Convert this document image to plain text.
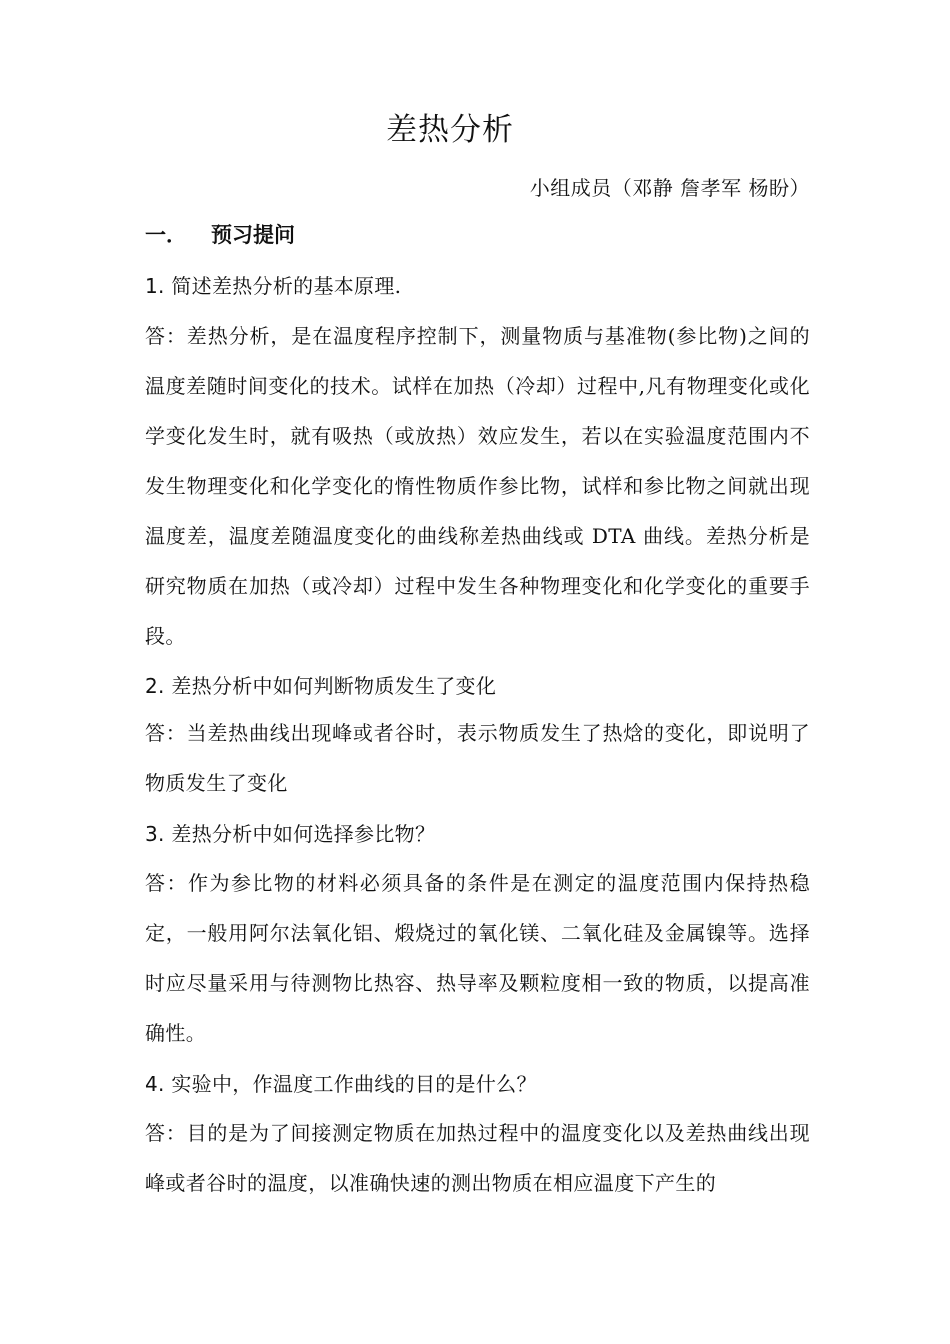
差热分析
小组成员（邓静 詹孝军 杨盼）
一． 预习提问
1. 简述差热分析的基本原理.
答：差热分析，是在温度程序控制下，测量物质与基准物(参比物)之间的温度差随时间变化的技术。试样在加热（冷却）过程中,凡有物理变化或化学变化发生时，就有吸热（或放热）效应发生，若以在实验温度范围内不发生物理变化和化学变化的惰性物质作参比物，试样和参比物之间就出现温度差，温度差随温度变化的曲线称差热曲线或 DTA 曲线。差热分析是研究物质在加热（或冷却）过程中发生各种物理变化和化学变化的重要手段。
2. 差热分析中如何判断物质发生了变化
答：当差热曲线出现峰或者谷时，表示物质发生了热焓的变化，即说明了物质发生了变化
3. 差热分析中如何选择参比物？
答：作为参比物的材料必须具备的条件是在测定的温度范围内保持热稳定，一般用阿尔法氧化铝、煅烧过的氧化镁、二氧化硅及金属镍等。选择时应尽量采用与待测物比热容、热导率及颗粒度相一致的物质，以提高准确性。
4. 实验中，作温度工作曲线的目的是什么？
答：目的是为了间接测定物质在加热过程中的温度变化以及差热曲线出现峰或者谷时的温度，以准确快速的测出物质在相应温度下产生的
